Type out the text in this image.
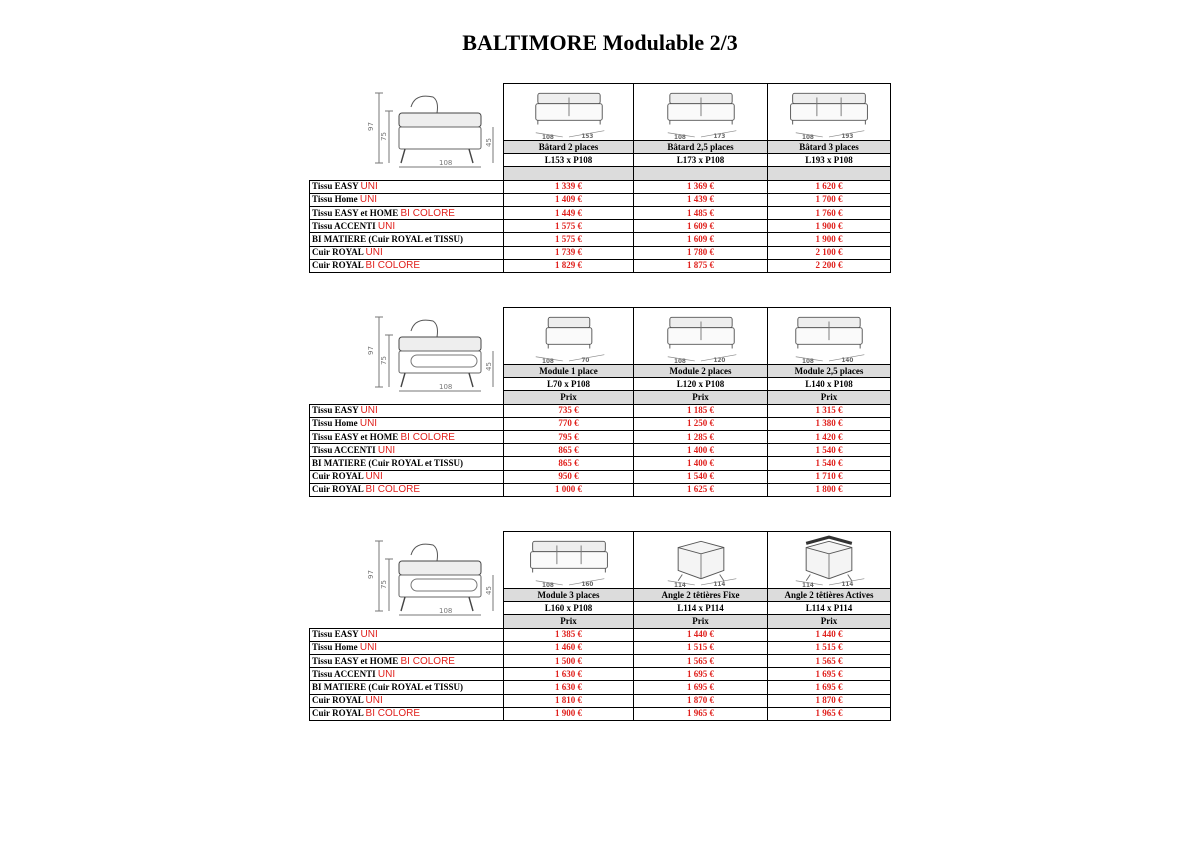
BALTIMORE Modulable 2/3
108
97
75
45

108 153	108 173	108 193

	Bâtard 2 places	Bâtard 2,5 places	Bâtard 3 places
	L153 x P108	L173 x P108	L193 x P108

Tissu EASY UNI	1 339 €	1 369 €	1 620 €
Tissu Home UNI	1 409 €	1 439 €	1 700 €
Tissu EASY et HOME BI COLORE	1 449 €	1 485 €	1 760 €
Tissu ACCENTI UNI	1 575 €	1 609 €	1 900 €
BI MATIERE (Cuir ROYAL et TISSU)	1 575 €	1 609 €	1 900 €
Cuir ROYAL UNI	1 739 €	1 780 €	2 100 €
Cuir ROYAL BI COLORE	1 829 €	1 875 €	2 200 €
108
97
75
45

108 70	108 120	108 140

	Module 1 place	Module 2 places	Module 2,5 places
	L70 x P108	L120 x P108	L140 x P108
	Prix	Prix	Prix
Tissu EASY UNI	735 €	1 185 €	1 315 €
Tissu Home UNI	770 €	1 250 €	1 380 €
Tissu EASY et HOME BI COLORE	795 €	1 285 €	1 420 €
Tissu ACCENTI UNI	865 €	1 400 €	1 540 €
BI MATIERE (Cuir ROYAL et TISSU)	865 €	1 400 €	1 540 €
Cuir ROYAL UNI	950 €	1 540 €	1 710 €
Cuir ROYAL BI COLORE	1 000 €	1 625 €	1 800 €
108
97
75
45

108 160	114 114	114 114

	Module 3 places	Angle 2 têtières Fixe	Angle 2 têtières Actives
	L160 x P108	L114 x P114	L114 x P114
	Prix	Prix	Prix
Tissu EASY UNI	1 385 €	1 440 €	1 440 €
Tissu Home UNI	1 460 €	1 515 €	1 515 €
Tissu EASY et HOME BI COLORE	1 500 €	1 565 €	1 565 €
Tissu ACCENTI UNI	1 630 €	1 695 €	1 695 €
BI MATIERE (Cuir ROYAL et TISSU)	1 630 €	1 695 €	1 695 €
Cuir ROYAL UNI	1 810 €	1 870 €	1 870 €
Cuir ROYAL BI COLORE	1 900 €	1 965 €	1 965 €
